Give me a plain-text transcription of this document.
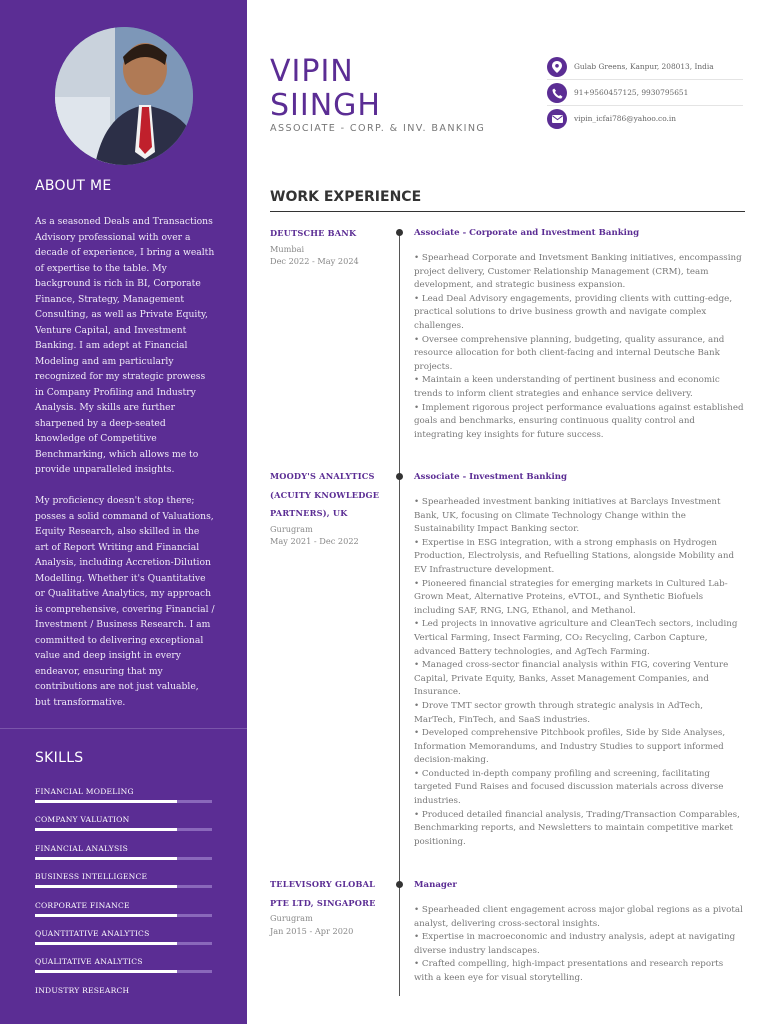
ABOUT ME

As a seasoned Deals and Transactions Advisory professional with over a decade of experience, I bring a wealth of expertise to the table. My background is rich in BI, Corporate Finance, Strategy, Management Consulting, as well as Private Equity, Venture Capital, and Investment Banking. I am adept at Financial Modeling and am particularly recognized for my strategic prowess in Company Profiling and Industry Analysis. My skills are further sharpened by a deep-seated knowledge of Competitive Benchmarking, which allows me to provide unparalleled insights.

My proficiency doesn't stop there; posses a solid command of Valuations, Equity Research, also skilled in the art of Report Writing and Financial Analysis, including Accretion-Dilution Modelling. Whether it's Quantitative or Qualitative Analytics, my approach is comprehensive, covering Financial / Investment / Business Research. I am committed to delivering exceptional value and deep insight in every endeavor, ensuring that my contributions are not just valuable, but transformative.

SKILLS
FINANCIAL MODELING
COMPANY VALUATION
FINANCIAL ANALYSIS
BUSINESS INTELLIGENCE
CORPORATE FINANCE
QUANTITATIVE ANALYTICS
QUALITATIVE ANALYTICS
INDUSTRY RESEARCH
VIPIN
SIINGH
ASSOCIATE - CORP. & INV. BANKING
Gulab Greens, Kanpur, 208013, India
91+9560457125, 9930795651
vipin_icfai786@yahoo.co.in
WORK EXPERIENCE
DEUTSCHE BANK
Mumbai
Dec 2022 - May 2024
Associate - Corporate and Investment Banking
• Spearhead Corporate and Invetsment Banking initiatives, encompassing project delivery, Customer Relationship Management (CRM), team development, and strategic business expansion.
• Lead Deal Advisory engagements, providing clients with cutting-edge, practical solutions to drive business growth and navigate complex challenges.
• Oversee comprehensive planning, budgeting, quality assurance, and resource allocation for both client-facing and internal Deutsche Bank projects.
• Maintain a keen understanding of pertinent business and economic trends to inform client strategies and enhance service delivery.
• Implement rigorous project performance evaluations against established goals and benchmarks, ensuring continuous quality control and integrating key insights for future success.
MOODY'S ANALYTICS (ACUITY KNOWLEDGE PARTNERS), UK
Gurugram
May 2021 - Dec 2022
Associate - Investment Banking
• Spearheaded investment banking initiatives at Barclays Investment Bank, UK, focusing on Climate Technology Change within the Sustainability Impact Banking sector.
• Expertise in ESG integration, with a strong emphasis on Hydrogen Production, Electrolysis, and Refuelling Stations, alongside Mobility and EV Infrastructure development.
• Pioneered financial strategies for emerging markets in Cultured Lab-Grown Meat, Alternative Proteins, eVTOL, and Synthetic Biofuels including SAF, RNG, LNG, Ethanol, and Methanol.
• Led projects in innovative agriculture and CleanTech sectors, including Vertical Farming, Insect Farming, CO₂ Recycling, Carbon Capture, advanced Battery technologies, and AgTech Farming.
• Managed cross-sector financial analysis within FIG, covering Venture Capital, Private Equity, Banks, Asset Management Companies, and Insurance.
• Drove TMT sector growth through strategic analysis in AdTech, MarTech, FinTech, and SaaS industries.
• Developed comprehensive Pitchbook profiles, Side by Side Analyses, Information Memorandums, and Industry Studies to support informed decision-making.
• Conducted in-depth company profiling and screening, facilitating targeted Fund Raises and focused discussion materials across diverse industries.
• Produced detailed financial analysis, Trading/Transaction Comparables, Benchmarking reports, and Newsletters to maintain competitive market positioning.
TELEVISORY GLOBAL PTE LTD, SINGAPORE
Gurugram
Jan 2015 - Apr 2020
Manager
• Spearheaded client engagement across major global regions as a pivotal analyst, delivering cross-sectoral insights.
• Expertise in macroeconomic and industry analysis, adept at navigating diverse industry landscapes.
• Crafted compelling, high-impact presentations and research reports with a keen eye for visual storytelling.
